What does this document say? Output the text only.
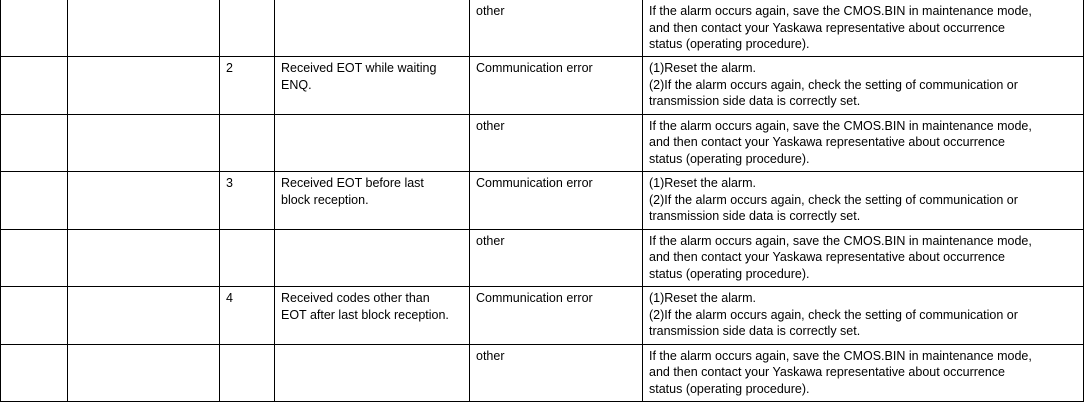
				other	If the alarm occurs again, save the CMOS.BIN in maintenance mode,
and then contact your Yaskawa representative about occurrence
status (operating procedure).

		2	Received EOT while waiting
ENQ.	Communication error	(1)Reset the alarm.
(2)If the alarm occurs again, check the setting of communication or
transmission side data is correctly set.

				other	If the alarm occurs again, save the CMOS.BIN in maintenance mode,
and then contact your Yaskawa representative about occurrence
status (operating procedure).

		3	Received EOT before last
block reception.	Communication error	(1)Reset the alarm.
(2)If the alarm occurs again, check the setting of communication or
transmission side data is correctly set.

				other	If the alarm occurs again, save the CMOS.BIN in maintenance mode,
and then contact your Yaskawa representative about occurrence
status (operating procedure).

		4	Received codes other than
EOT after last block reception.	Communication error	(1)Reset the alarm.
(2)If the alarm occurs again, check the setting of communication or
transmission side data is correctly set.

				other	If the alarm occurs again, save the CMOS.BIN in maintenance mode,
and then contact your Yaskawa representative about occurrence
status (operating procedure).
